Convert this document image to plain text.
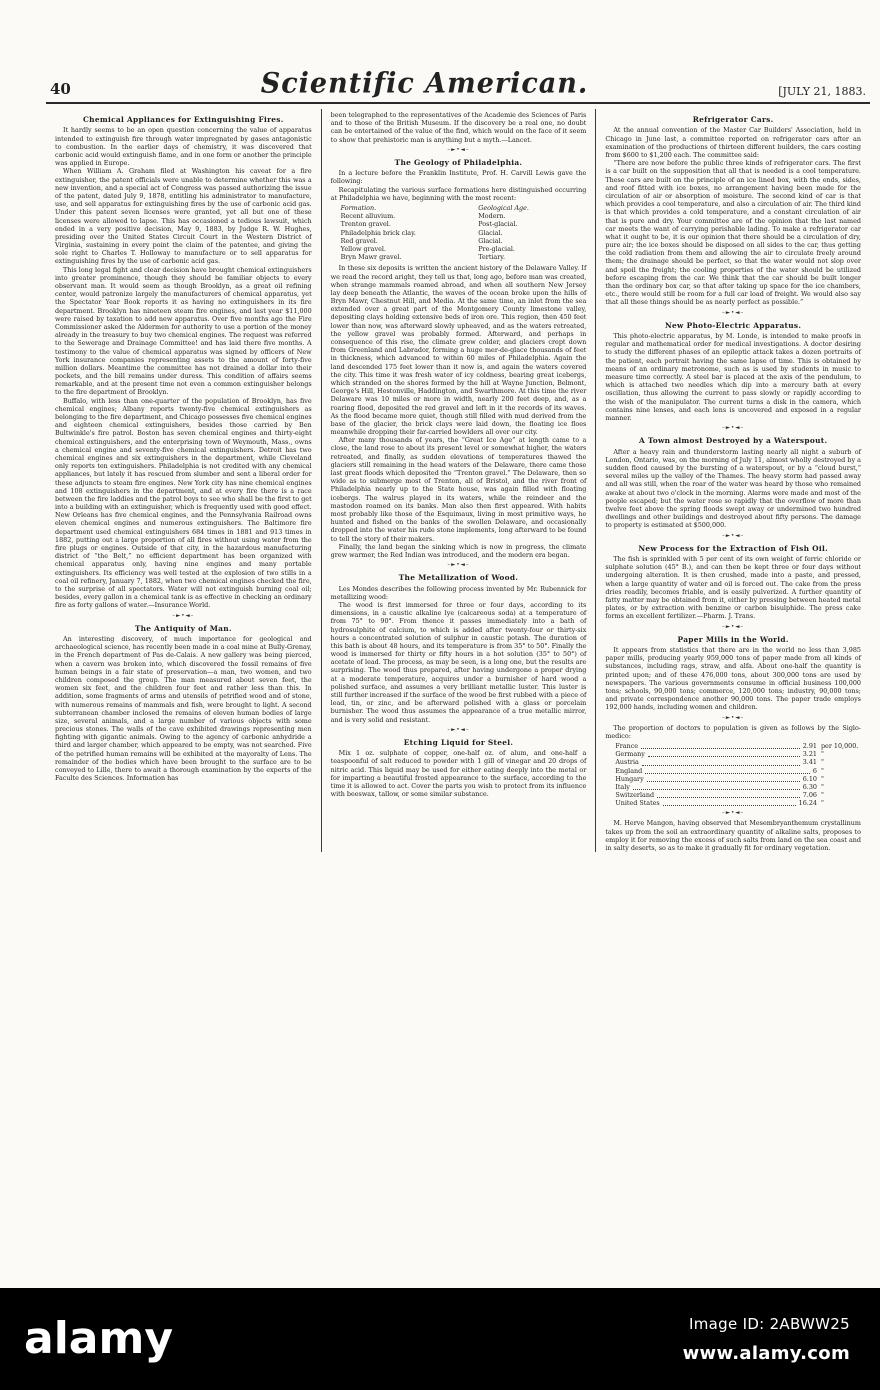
40	Scientific American.	[JULY 21, 1883.
Chemical Appliances for Extinguishing Fires.

It hardly seems to be an open question concerning the value of apparatus intended to extinguish fire through water impregnated by gases antagonistic to combustion. In the earlier days of chemistry, it was discovered that carbonic acid would extinguish flame, and in one form or another the principle was applied in Europe.

When William A. Graham filed at Washington his caveat for a fire extinguisher, the patent officials were unable to determine whether this was a new invention, and a special act of Congress was passed authorizing the issue of the patent, dated July 9, 1878, entitling his administrator to manufacture, use, and sell apparatus for extinguishing fires by the use of carbonic acid gas. Under this patent seven licenses were granted, yet all but one of these licenses were allowed to lapse. This has occasioned a tedious lawsuit, which ended in a very positive decision, May 9, 1883, by Judge R. W. Hughes, presiding over the United States Circuit Court in the Western District of Virginia, sustaining in every point the claim of the patentee, and giving the sole right to Charles T. Holloway to manufacture or to sell apparatus for extinguishing fires by the use of carbonic acid gas.

This long legal fight and clear decision have brought chemical extinguishers into greater prominence, though they should be familiar objects to every observant man. It would seem as though Brooklyn, as a great oil refining center, would patronize largely the manufacturers of chemical apparatus, yet the Spectator Year Book reports it as having no extinguishers in its fire department. Brooklyn has nineteen steam fire engines, and last year $11,000 were raised by taxation to add new apparatus. Over five months ago the Fire Commissioner asked the Aldermen for authority to use a portion of the money already in the treasury to buy two chemical engines. The request was referred to the Sewerage and Drainage Committee! and has laid there five months. A testimony to the value of chemical apparatus was signed by officers of New York insurance companies representing assets to the amount of forty-five million dollars. Meantime the committee has not drained a dollar into their pockets, and the bill remains under duress. This condition of affairs seems remarkable, and at the present time not even a common extinguisher belongs to the fire department of Brooklyn.

Buffalo, with less than one-quarter of the population of Brooklyn, has five chemical engines; Albany reports twenty-five chemical extinguishers as belonging to the fire department, and Chicago possesses five chemical engines and eighteen chemical extinguishers, besides those carried by Ben Bultwinkle's fire patrol. Boston has seven chemical engines and thirty-eight chemical extinguishers, and the enterprising town of Weymouth, Mass., owns a chemical engine and seventy-five chemical extinguishers. Detroit has two chemical engines and six extinguishers in the department, while Cleveland only reports ten extinguishers. Philadelphia is not credited with any chemical appliances, but lately it has rescued from slumber and sent a liberal order for these adjuncts to steam fire engines. New York city has nine chemical engines and 108 extinguishers in the department, and at every fire there is a race between the fire laddies and the patrol boys to see who shall be the first to get into a building with an extinguisher, which is frequently used with good effect. New Orleans has five chemical engines, and the Pennsylvania Railroad owns eleven chemical engines and numerous extinguishers. The Baltimore fire department used chemical extinguishers 684 times in 1881 and 913 times in 1882, putting out a large proportion of all fires without using water from the fire plugs or engines. Outside of that city, in the hazardous manufacturing district of “the Belt,” no efficient department has been organized with chemical apparatus only, having nine engines and many portable extinguishers. Its efficiency was well tested at the explosion of two stills in a coal oil refinery, January 7, 1882, when two chemical engines checked the fire, to the surprise of all spectators. Water will not extinguish burning coal oil; besides, every gallon in a chemical tank is as effective in checking an ordinary fire as forty gallons of water.—Insurance World.

–►•◄–
The Antiquity of Man.

An interesting discovery, of much importance for geological and archaeological science, has recently been made in a coal mine at Bully-Grenay, in the French department of Pas de-Calais. A new gallery was being pierced, when a cavern was broken into, which discovered the fossil remains of five human beings in a fair state of preservation—a man, two women, and two children composed the group. The man measured about seven feet, the women six feet, and the children four feet and rather less than this. In addition, some fragments of arms and utensils of petrified wood and of stone, with numerous remains of mammals and fish, were brought to light. A second subterranean chamber inclosed the remains of eleven human bodies of large size, several animals, and a large number of various objects with some precious stones. The walls of the cave exhibited drawings representing men fighting with gigantic animals. Owing to the agency of carbonic anhydride a third and larger chamber, which appeared to be empty, was not searched. Five of the petrified human remains will be exhibited at the mayoralty of Lens. The remainder of the bodies which have been brought to the surface are to be conveyed to Lille, there to await a thorough examination by the experts of the Faculte des Sciences. Information has

been telegraphed to the representatives of the Academie des Sciences of Paris and to those of the British Museum. If the discovery be a real one, no doubt can be entertained of the value of the find, which would on the face of it seem to show that prehistoric man is anything but a myth.—Lancet.

–►•◄–
The Geology of Philadelphia.

In a lecture before the Franklin Institute, Prof. H. Carvill Lewis gave the following:

Recapitulating the various surface formations here distinguished occurring at Philadelphia we have, beginning with the most recent:

Formation.	Geological Age.
Recent alluvium.	Modern.
Trenton gravel.	Post-glacial.
Philadelphia brick clay.	Glacial.
Red gravel.	Glacial.
Yellow gravel.	Pre-glacial.
Bryn Mawr gravel.	Tertiary.

In these six deposits is written the ancient history of the Delaware Valley. If we read the record aright, they tell us that, long ago, before man was created, when strange mammals roamed abroad, and when all southern New Jersey lay deep beneath the Atlantic, the waves of the ocean broke upon the hills of Bryn Mawr, Chestnut Hill, and Media. At the same time, an inlet from the sea extended over a great part of the Montgomery County limestone valley, depositing clays holding extensive beds of iron ore. This region, then 450 feet lower than now, was afterward slowly upheaved, and as the waters retreated, the yellow gravel was probably formed. Afterward, and perhaps in consequence of this rise, the climate grew colder, and glaciers crept down from Greenland and Labrador, forming a huge mer-de-glace thousands of feet in thickness, which advanced to within 60 miles of Philadelphia. Again the land descended 175 feet lower than it now is, and again the waters covered the city. This time it was fresh water of icy coldness, bearing great icebergs, which stranded on the shores formed by the hill at Wayne Junction, Belmont, George's Hill, Hestonville, Haddington, and Swarthmore. At this time the river Delaware was 10 miles or more in width, nearly 200 feet deep, and, as a roaring flood, deposited the red gravel and left in it the records of its waves. As the flood became more quiet, though still filled with mud derived from the base of the glacier, the brick clays were laid down, the floating ice floes meanwhile dropping their far-carried bowlders all over our city.

After many thousands of years, the “Great Ice Age” at length came to a close, the land rose to about its present level or somewhat higher, the waters retreated, and finally, as sudden elevations of temperatures thawed the glaciers still remaining in the head waters of the Delaware, there came those last great floods which deposited the “Trenton gravel.” The Delaware, then so wide as to submerge most of Trenton, all of Bristol, and the river front of Philadelphia nearly up to the State house, was again filled with floating icebergs. The walrus played in its waters, while the reindeer and the mastodon roamed on its banks. Man also then first appeared. With habits most probably like those of the Esquimaux, living in most primitive ways, he hunted and fished on the banks of the swollen Delaware, and occasionally dropped into the water his rude stone implements, long afterward to be found to tell the story of their makers.

Finally, the land began the sinking which is now in progress, the climate grew warmer, the Red Indian was introduced, and the modern era began.

–►•◄–
The Metallization of Wood.

Les Mondes describes the following process invented by Mr. Rubennick for metallizing wood:

The wood is first immersed for three or four days, according to its dimensions, in a caustic alkaline lye (calcareous soda) at a temperature of from 75° to 90°. From thence it passes immediately into a bath of hydrosulphite of calcium, to which is added after twenty-four or thirty-six hours a concentrated solution of sulphur in caustic potash. The duration of this bath is about 48 hours, and its temperature is from 35° to 50°. Finally the wood is immersed for thirty or fifty hours in a hot solution (35° to 50°) of acetate of lead. The process, as may be seen, is a long one, but the results are surprising. The wood thus prepared, after having undergone a proper drying at a moderate temperature, acquires under a burnisher of hard wood a polished surface, and assumes a very brilliant metallic luster. This luster is still further increased if the surface of the wood be first rubbed with a piece of lead, tin, or zinc, and be afterward polished with a glass or porcelain burnisher. The wood thus assumes the appearance of a true metallic mirror, and is very solid and resistant.

–►•◄–
Etching Liquid for Steel.

Mix 1 oz. sulphate of copper, one-half oz. of alum, and one-half a teaspoonful of salt reduced to powder with 1 gill of vinegar and 20 drops of nitric acid. This liquid may be used for either eating deeply into the metal or for imparting a beautiful frosted appearance to the surface, according to the time it is allowed to act. Cover the parts you wish to protect from its influence with beeswax, tallow, or some similar substance.

Refrigerator Cars.

At the annual convention of the Master Car Builders' Association, held in Chicago in June last, a committee reported on refrigerator cars after an examination of the productions of thirteen different builders, the cars costing from $600 to $1,200 each. The committee said:

“There are now before the public three kinds of refrigerator cars. The first is a car built on the supposition that all that is needed is a cool temperature. These cars are built on the principle of an ice lined box, with the ends, sides, and roof fitted with ice boxes, no arrangement having been made for the circulation of air or absorption of moisture. The second kind of car is that which provides a cool temperature, and also a circulation of air. The third kind is that which provides a cold temperature, and a constant circulation of air that is pure and dry. Your committee are of the opinion that the last named car meets the want of carrying perishable lading. To make a refrigerator car what it ought to be, it is our opinion that there should be a circulation of dry, pure air; the ice boxes should be disposed on all sides to the car, thus getting the cold radiation from them and allowing the air to circulate freely around them; the drainage should be perfect, so that the water would not slop over and spoil the freight; the cooling properties of the water should be utilized before escaping from the car. We think that the car should be built longer than the ordinary box car, so that after taking up space for the ice chambers, etc., there would still be room for a full car load of freight. We would also say that all these things should be as nearly perfect as possible.”

–►•◄–
New Photo-Electric Apparatus.

This photo-electric apparatus, by M. Londe, is intended to make proofs in regular and mathematical order for medical investigations. A doctor desiring to study the different phases of an epileptic attack takes a dozen portraits of the patient, each portrait having the same lapse of time. This is obtained by means of an ordinary metronome, such as is used by students in music to measure time correctly. A steel bar is placed at the axis of the pendulum, to which is attached two needles which dip into a mercury bath at every oscillation, thus allowing the current to pass slowly or rapidly according to the wish of the manipulator. The current turns a disk in the camera, which contains nine lenses, and each lens is uncovered and exposed in a regular manner.

–►•◄–
A Town almost Destroyed by a Waterspout.

After a heavy rain and thunderstorm lasting nearly all night a suburb of London, Ontario, was, on the morning of July 11, almost wholly destroyed by a sudden flood caused by the bursting of a waterspout, or by a “cloud burst,” several miles up the valley of the Thames. The heavy storm had passed away and all was still, when the roar of the water was heard by those who remained awake at about two o'clock in the morning. Alarms were made and most of the people escaped; but the water rose so rapidly that the overflow of more than twelve feet above the spring floods swept away or undermined two hundred dwellings and other buildings and destroyed about fifty persons. The damage to property is estimated at $500,000.

–►•◄–
New Process for the Extraction of Fish Oil.

The fish is sprinkled with 5 per cent of its own weight of ferric chloride or sulphate solution (45° B.), and can then be kept three or four days without undergoing alteration. It is then crushed, made into a paste, and pressed, when a large quantity of water and oil is forced out. The cake from the press dries readily, becomes friable, and is easily pulverized. A further quantity of fatty matter may be obtained from it, either by pressing between heated metal plates, or by extraction with benzine or carbon bisulphide. The press cake forms an excellent fertilizer.—Pharm. J. Trans.

–►•◄–
Paper Mills in the World.

It appears from statistics that there are in the world no less than 3,985 paper mills, producing yearly 959,000 tons of paper made from all kinds of substances, including rags, straw, and alfa. About one-half the quantity is printed upon; and of these 476,000 tons, about 300,000 tons are used by newspapers. The various governments consume in official business 100,000 tons; schools, 90,000 tons; commerce, 120,000 tons; industry, 90,000 tons; and private correspondence another 90,000 tons. The paper trade employs 192,000 hands, including women and children.

–►•◄–

The proportion of doctors to population is given as follows by the Siglo-medico:

France	2.91 per 10,000.
Germany	3.21 "
Austria	3.41 "
England	6 "
Hungary	6.10 "
Italy	6.30 "
Switzerland	7.06 "
United States	16.24 "
–►•◄–

M. Herve Mangon, having observed that Mesembryanthemum crystallinum takes up from the soil an extraordinary quantity of alkaline salts, proposes to employ it for removing the excess of such salts from land on the sea coast and in salty deserts, so as to make it gradually fit for ordinary vegetation.

alamy	Image ID: 2ABWW25
www.alamy.com
